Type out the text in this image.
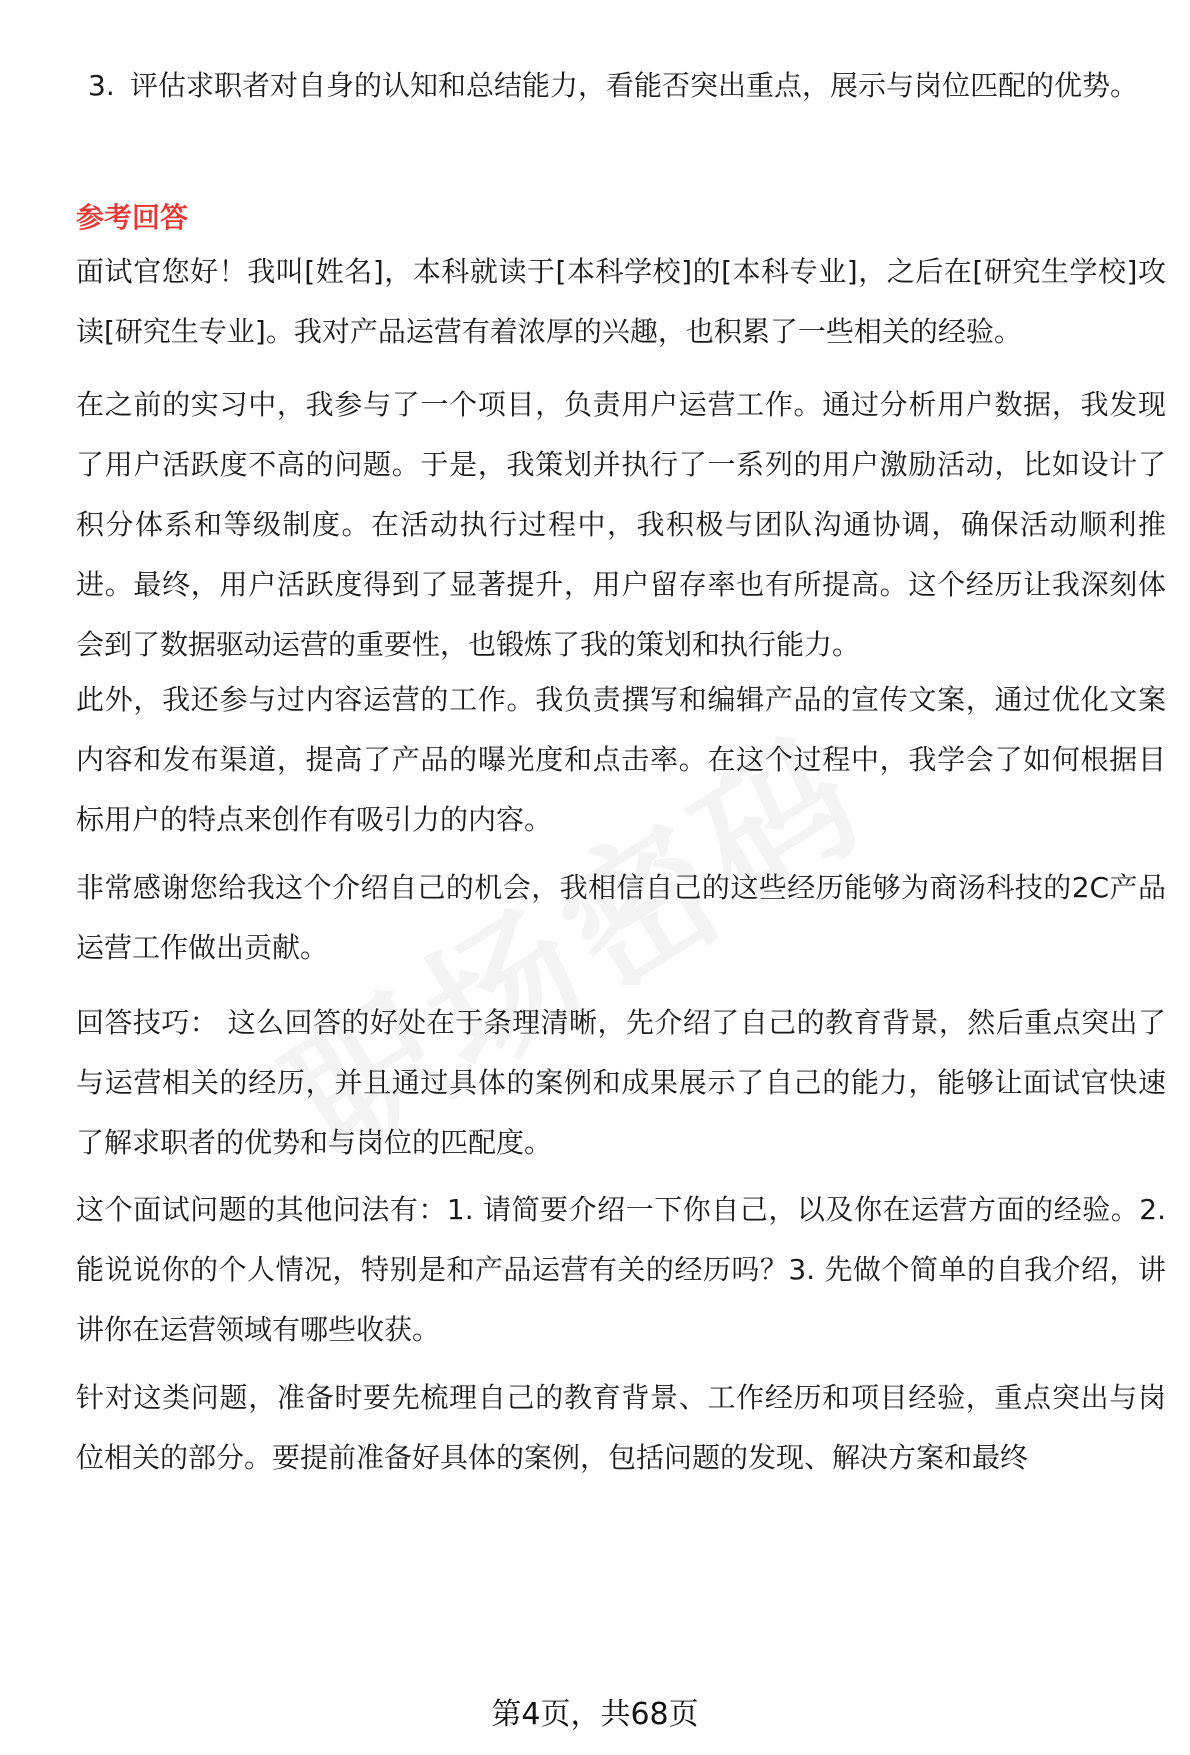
3. 评估求职者对自身的认知和总结能力，看能否突出重点，展示与岗位匹配的优势。
参考回答

面试官您好！我叫[姓名]，本科就读于[本科学校]的[本科专业]，之后在[研究生学校]攻读[研究生专业]。我对产品运营有着浓厚的兴趣，也积累了一些相关的经验。

在之前的实习中，我参与了一个项目，负责用户运营工作。通过分析用户数据，我发现了用户活跃度不高的问题。于是，我策划并执行了一系列的用户激励活动，比如设计了积分体系和等级制度。在活动执行过程中，我积极与团队沟通协调，确保活动顺利推进。最终，用户活跃度得到了显著提升，用户留存率也有所提高。这个经历让我深刻体会到了数据驱动运营的重要性，也锻炼了我的策划和执行能力。

此外，我还参与过内容运营的工作。我负责撰写和编辑产品的宣传文案，通过优化文案内容和发布渠道，提高了产品的曝光度和点击率。在这个过程中，我学会了如何根据目标用户的特点来创作有吸引力的内容。

非常感谢您给我这个介绍自己的机会，我相信自己的这些经历能够为商汤科技的2C产品运营工作做出贡献。

回答技巧： 这么回答的好处在于条理清晰，先介绍了自己的教育背景，然后重点突出了与运营相关的经历，并且通过具体的案例和成果展示了自己的能力，能够让面试官快速了解求职者的优势和与岗位的匹配度。

这个面试问题的其他问法有：1. 请简要介绍一下你自己，以及你在运营方面的经验。2. 能说说你的个人情况，特别是和产品运营有关的经历吗？3. 先做个简单的自我介绍，讲讲你在运营领域有哪些收获。

针对这类问题，准备时要先梳理自己的教育背景、工作经历和项目经验，重点突出与岗位相关的部分。要提前准备好具体的案例，包括问题的发现、解决方案和最终

第4页，共68页
